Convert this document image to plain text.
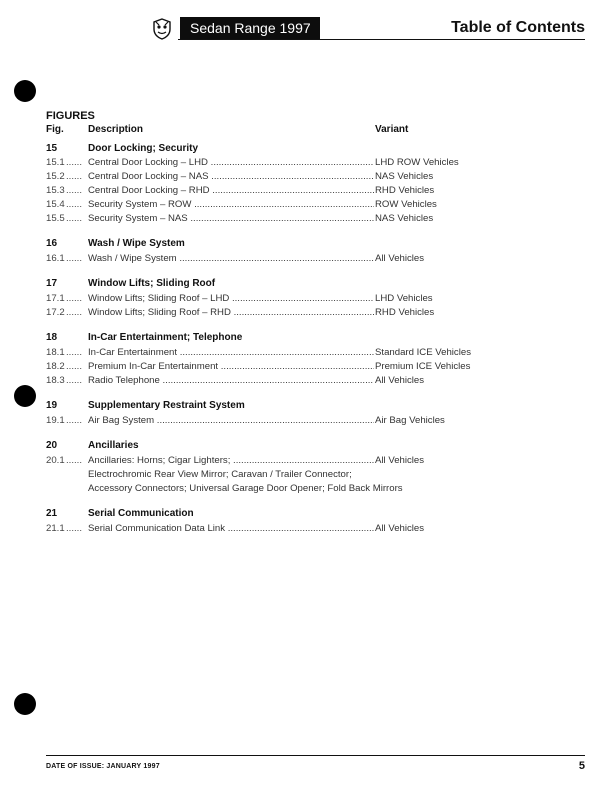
Sedan Range 1997	Table of Contents
FIGURES
Fig. Description	Variant
15	Door Locking; Security
15.1 ...... Central Door Locking – LHD .....	LHD ROW Vehicles
15.2 ...... Central Door Locking – NAS .....	NAS Vehicles
15.3 ...... Central Door Locking – RHD .....	RHD Vehicles
15.4 ...... Security System – ROW .....	ROW Vehicles
15.5 ...... Security System – NAS .....	NAS Vehicles
16	Wash / Wipe System
16.1 ...... Wash / Wipe System .....	All Vehicles
17	Window Lifts; Sliding Roof
17.1 ...... Window Lifts; Sliding Roof – LHD .....	LHD Vehicles
17.2 ...... Window Lifts; Sliding Roof – RHD .....	RHD Vehicles
18	In-Car Entertainment; Telephone
18.1 ...... In-Car Entertainment .....	Standard ICE Vehicles
18.2 ...... Premium In-Car Entertainment .....	Premium ICE Vehicles
18.3 ...... Radio Telephone .....	All Vehicles
19	Supplementary Restraint System
19.1 ...... Air Bag System .....	Air Bag Vehicles
20	Ancillaries
20.1 ...... Ancillaries: Horns; Cigar Lighters; .....	All Vehicles
Electrochromic Rear View Mirror; Caravan / Trailer Connector;
Accessory Connectors; Universal Garage Door Opener; Fold Back Mirrors
21	Serial Communication
21.1 ...... Serial Communication Data Link .....	All Vehicles
DATE OF ISSUE: JANUARY 1997	5
